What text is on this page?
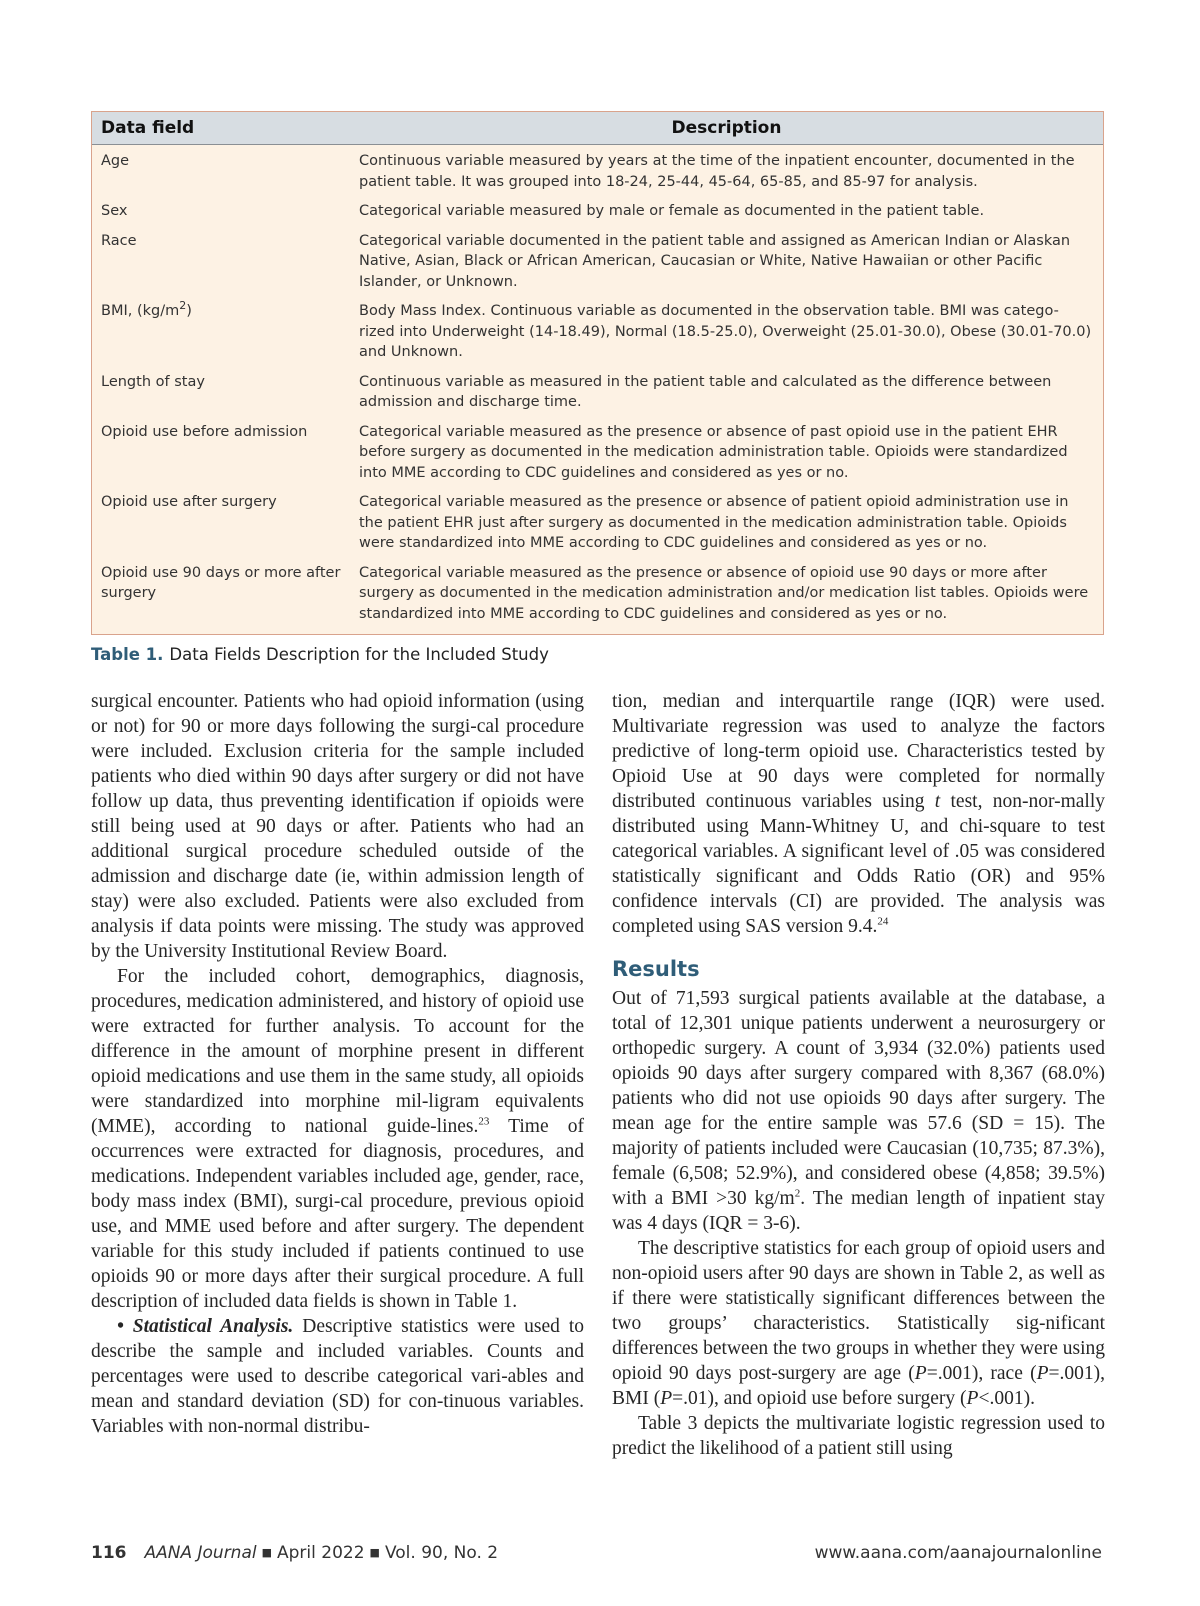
Data field	Description
Age	Continuous variable measured by years at the time of the inpatient encounter, documented in the patient table. It was grouped into 18-24, 25-44, 45-64, 65-85, and 85-97 for analysis.
Sex	Categorical variable measured by male or female as documented in the patient table.
Race	Categorical variable documented in the patient table and assigned as American Indian or Alaskan Native, Asian, Black or African American, Caucasian or White, Native Hawaiian or other Pacific Islander, or Unknown.
BMI, $(kg/m^2)$	Body Mass Index. Continuous variable as documented in the observation table. BMI was catego-rized into Underweight (14-18.49), Normal (18.5-25.0), Overweight (25.01-30.0), Obese (30.01-70.0) and Unknown.
Length of stay	Continuous variable as measured in the patient table and calculated as the difference between admission and discharge time.
Opioid use before admission	Categorical variable measured as the presence or absence of past opioid use in the patient EHR before surgery as documented in the medication administration table. Opioids were standardized into MME according to CDC guidelines and considered as yes or no.
Opioid use after surgery	Categorical variable measured as the presence or absence of patient opioid administration use in the patient EHR just after surgery as documented in the medication administration table. Opioids were standardized into MME according to CDC guidelines and considered as yes or no.
Opioid use 90 days or more after surgery	Categorical variable measured as the presence or absence of opioid use 90 days or more after surgery as documented in the medication administration and/or medication list tables. Opioids were standardized into MME according to CDC guidelines and considered as yes or no.
Table 1. Data Fields Description for the Included Study

surgical encounter. Patients who had opioid information (using or not) for 90 or more days following the surgi-cal procedure were included. Exclusion criteria for the sample included patients who died within 90 days after surgery or did not have follow up data, thus preventing identification if opioids were still being used at 90 days or after. Patients who had an additional surgical procedure scheduled outside of the admission and discharge date (ie, within admission length of stay) were also excluded. Patients were also excluded from analysis if data points were missing. The study was approved by the University Institutional Review Board.

For the included cohort, demographics, diagnosis, procedures, medication administered, and history of opioid use were extracted for further analysis. To account for the difference in the amount of morphine present in different opioid medications and use them in the same study, all opioids were standardized into morphine mil-ligram equivalents (MME), according to national guide-lines.$^{23}$ Time of occurrences were extracted for diagnosis, procedures, and medications. Independent variables included age, gender, race, body mass index (BMI), surgi-cal procedure, previous opioid use, and MME used before and after surgery. The dependent variable for this study included if patients continued to use opioids 90 or more days after their surgical procedure. A full description of included data fields is shown in Table 1.

• Statistical Analysis. Descriptive statistics were used to describe the sample and included variables. Counts and percentages were used to describe categorical vari-ables and mean and standard deviation (SD) for con-tinuous variables. Variables with non-normal distribu-

tion, median and interquartile range (IQR) were used. Multivariate regression was used to analyze the factors predictive of long-term opioid use. Characteristics tested by Opioid Use at 90 days were completed for normally distributed continuous variables using t test, non-nor-mally distributed using Mann-Whitney U, and chi-square to test categorical variables. A significant level of .05 was considered statistically significant and Odds Ratio (OR) and 95% confidence intervals (CI) are provided. The analysis was completed using SAS version 9.4.24

Results

Out of 71,593 surgical patients available at the database, a total of 12,301 unique patients underwent a neurosurgery or orthopedic surgery. A count of 3,934 (32.0%) patients used opioids 90 days after surgery compared with 8,367 (68.0%) patients who did not use opioids 90 days after surgery. The mean age for the entire sample was 57.6 (SD = 15). The majority of patients included were Caucasian (10,735; 87.3%), female (6,508; 52.9%), and considered obese (4,858; 39.5%) with a BMI >30 $kg/m^2$. The median length of inpatient stay was 4 days (IQR = 3-6).

The descriptive statistics for each group of opioid users and non-opioid users after 90 days are shown in Table 2, as well as if there were statistically significant differences between the two groups’ characteristics. Statistically sig-nificant differences between the two groups in whether they were using opioid 90 days post-surgery are age (P=.001), race (P=.001), BMI (P=.01), and opioid use before surgery (P<.001).

Table 3 depicts the multivariate logistic regression used to predict the likelihood of a patient still using

116 AANA Journal ■ April 2022 ■ Vol. 90, No. 2	www.aana.com/aanajournalonline
